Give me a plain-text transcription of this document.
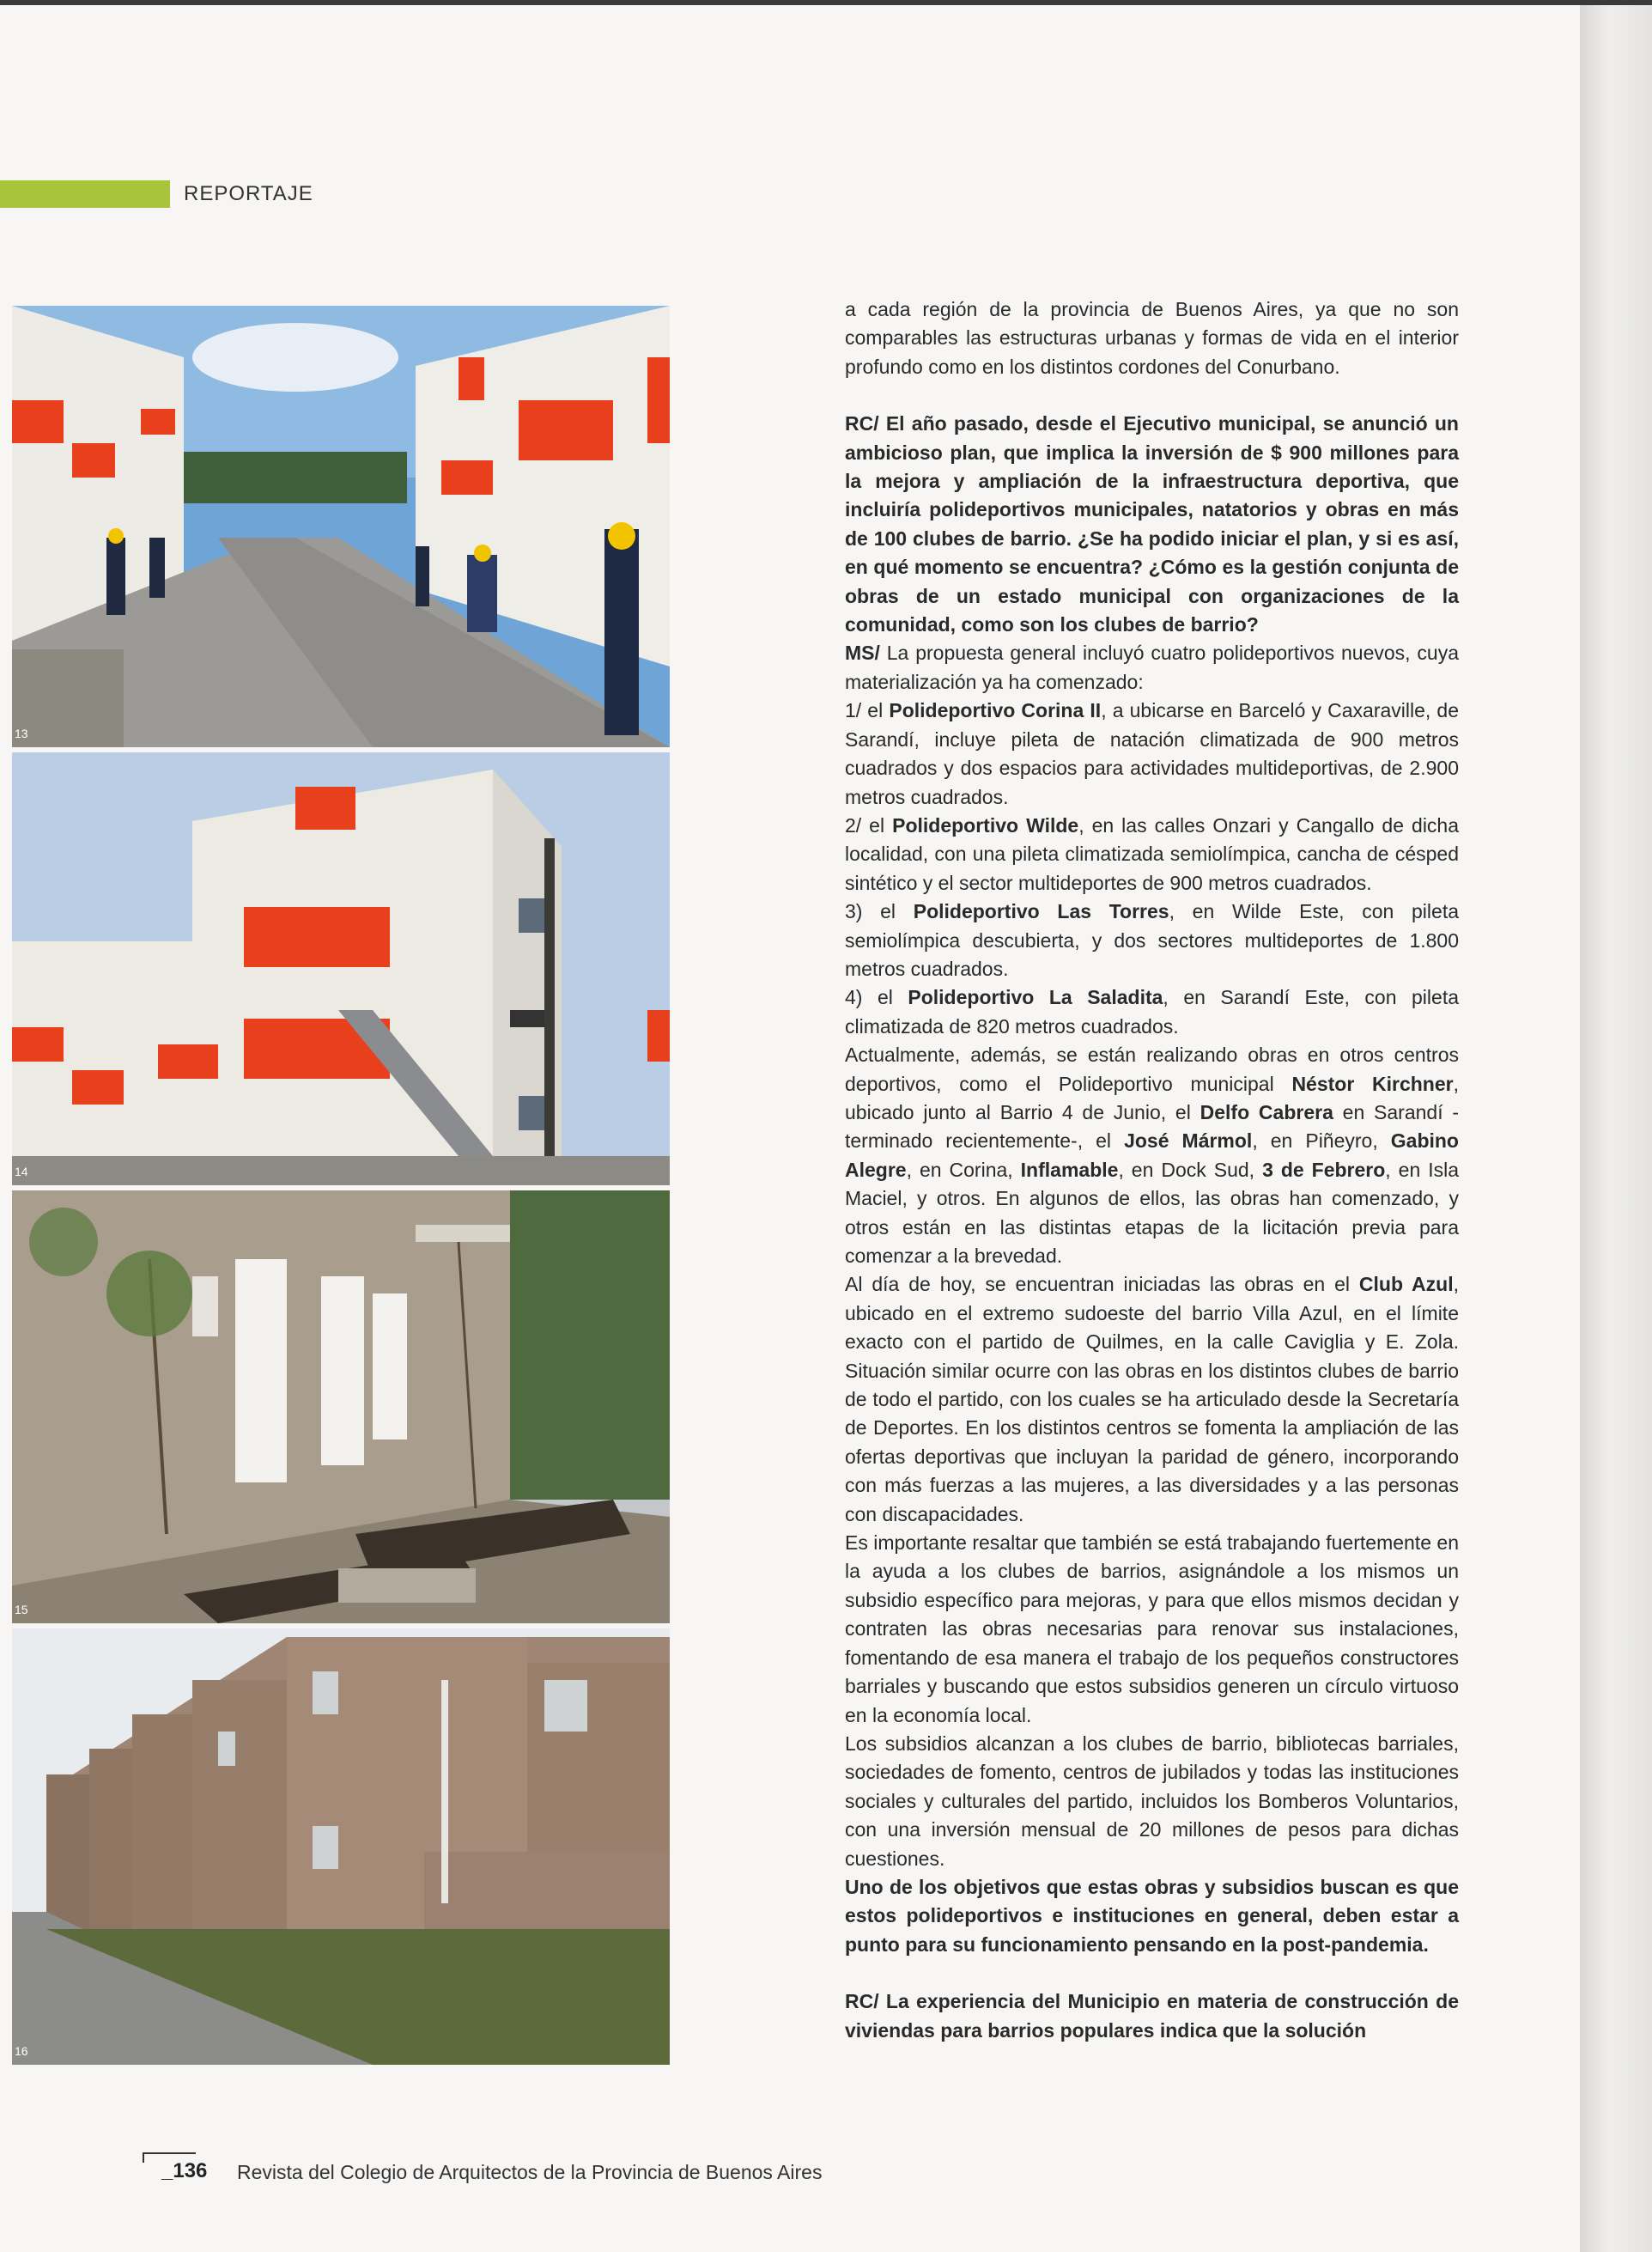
REPORTAJE
13
14
15
16

a cada región de la provincia de Buenos Aires, ya que no son comparables las estructuras urbanas y formas de vida en el interior profundo como en los distintos cordones del Conurbano.

RC/ El año pasado, desde el Ejecutivo municipal, se anunció un ambicioso plan, que implica la inversión de $ 900 millones para la mejora y ampliación de la infraestructura deportiva, que incluiría polideportivos municipales, natatorios y obras en más de 100 clubes de barrio. ¿Se ha podido iniciar el plan, y si es así, en qué momento se encuentra? ¿Cómo es la gestión conjunta de obras de un estado municipal con organizaciones de la comunidad, como son los clubes de barrio?

MS/ La propuesta general incluyó cuatro polideportivos nuevos, cuya materialización ya ha comenzado:

1/ el Polideportivo Corina II, a ubicarse en Barceló y Caxaraville, de Sarandí, incluye pileta de natación climatizada de 900 metros cuadrados y dos espacios para actividades multideportivas, de 2.900 metros cuadrados.

2/ el Polideportivo Wilde, en las calles Onzari y Cangallo de dicha localidad, con una pileta climatizada semiolímpica, cancha de césped sintético y el sector multideportes de 900 metros cuadrados.

3) el Polideportivo Las Torres, en Wilde Este, con pileta semiolímpica descubierta, y dos sectores multideportes de 1.800 metros cuadrados.

4) el Polideportivo La Saladita, en Sarandí Este, con pileta climatizada de 820 metros cuadrados.

Actualmente, además, se están realizando obras en otros centros deportivos, como el Polideportivo municipal Néstor Kirchner, ubicado junto al Barrio 4 de Junio, el Delfo Cabrera en Sarandí -terminado recientemente-, el José Mármol, en Piñeyro, Gabino Alegre, en Corina, Inflamable, en Dock Sud, 3 de Febrero, en Isla Maciel, y otros. En algunos de ellos, las obras han comenzado, y otros están en las distintas etapas de la licitación previa para comenzar a la brevedad.

Al día de hoy, se encuentran iniciadas las obras en el Club Azul, ubicado en el extremo sudoeste del barrio Villa Azul, en el límite exacto con el partido de Quilmes, en la calle Caviglia y E. Zola. Situación similar ocurre con las obras en los distintos clubes de barrio de todo el partido, con los cuales se ha articulado desde la Secretaría de Deportes. En los distintos centros se fomenta la ampliación de las ofertas deportivas que incluyan la paridad de género, incorporando con más fuerzas a las mujeres, a las diversidades y a las personas con discapacidades.

Es importante resaltar que también se está trabajando fuertemente en la ayuda a los clubes de barrios, asignándole a los mismos un subsidio específico para mejoras, y para que ellos mismos decidan y contraten las obras necesarias para renovar sus instalaciones, fomentando de esa manera el trabajo de los pequeños constructores barriales y buscando que estos subsidios generen un círculo virtuoso en la economía local.

Los subsidios alcanzan a los clubes de barrio, bibliotecas barriales, sociedades de fomento, centros de jubilados y todas las instituciones sociales y culturales del partido, incluidos los Bomberos Voluntarios, con una inversión mensual de 20 millones de pesos para dichas cuestiones.

Uno de los objetivos que estas obras y subsidios buscan es que estos polideportivos e instituciones en general, deben estar a punto para su funcionamiento pensando en la post-pandemia.

RC/ La experiencia del Municipio en materia de construcción de viviendas para barrios populares indica que la solución

_136 Revista del Colegio de Arquitectos de la Provincia de Buenos Aires
